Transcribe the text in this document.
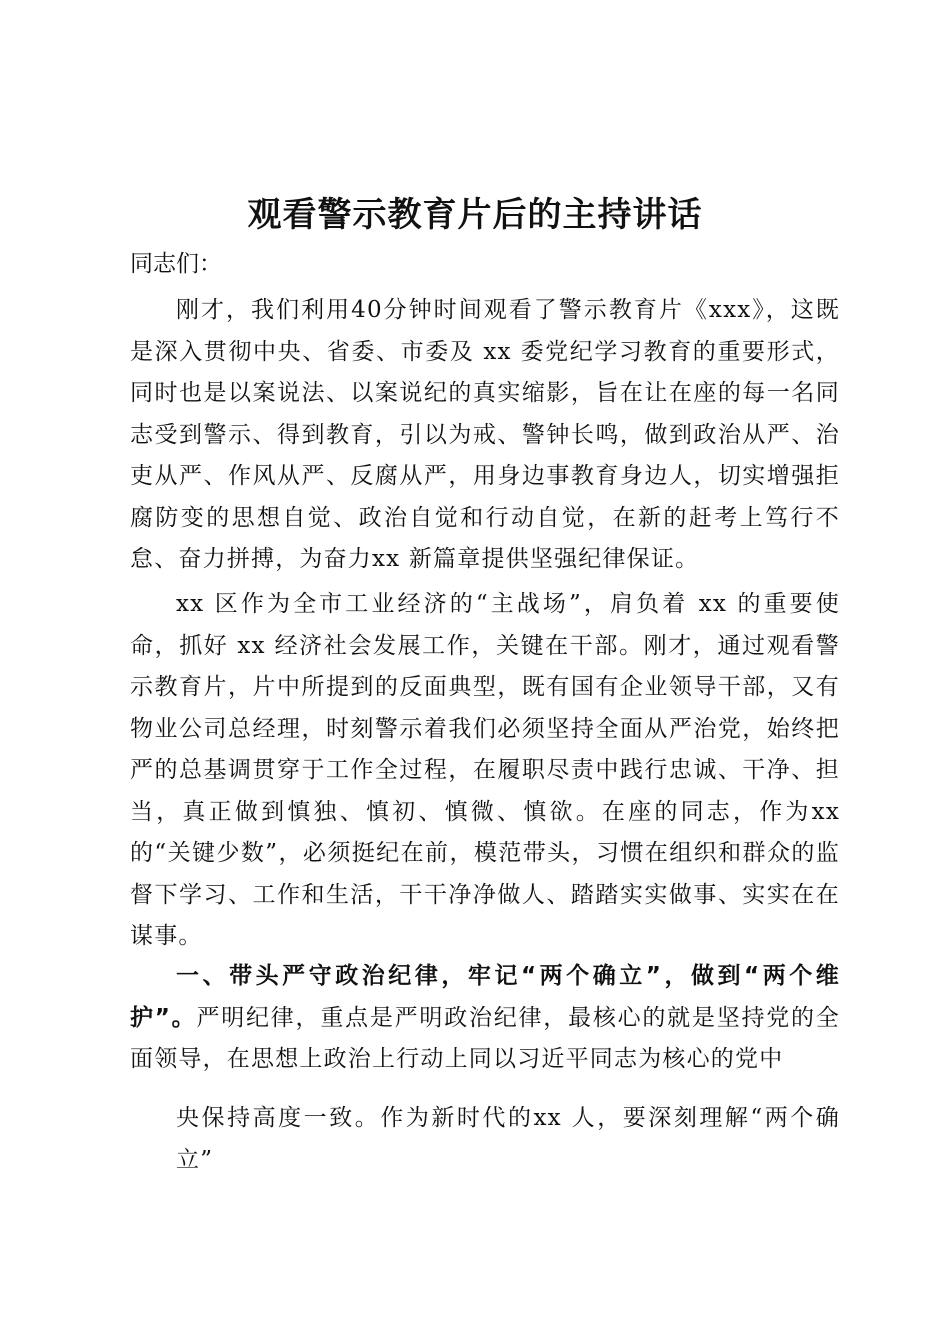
观看警示教育片后的主持讲话

同志们：

刚才，我们利用40分钟时间观看了警示教育片《xxx》，这既是深入贯彻中央、省委、市委及 xx 委党纪学习教育的重要形式，同时也是以案说法、以案说纪的真实缩影，旨在让在座的每一名同志受到警示、得到教育，引以为戒、警钟长鸣，做到政治从严、治吏从严、作风从严、反腐从严，用身边事教育身边人，切实增强拒腐防变的思想自觉、政治自觉和行动自觉，在新的赶考上笃行不怠、奋力拼搏，为奋力xx 新篇章提供坚强纪律保证。

xx 区作为全市工业经济的“主战场”，肩负着 xx 的重要使命，抓好 xx 经济社会发展工作，关键在干部。刚才，通过观看警示教育片，片中所提到的反面典型，既有国有企业领导干部，又有物业公司总经理，时刻警示着我们必须坚持全面从严治党，始终把严的总基调贯穿于工作全过程，在履职尽责中践行忠诚、干净、担当，真正做到慎独、慎初、慎微、慎欲。在座的同志，作为xx 的“关键少数”，必须挺纪在前，模范带头，习惯在组织和群众的监督下学习、工作和生活，干干净净做人、踏踏实实做事、实实在在谋事。

一、带头严守政治纪律，牢记“两个确立”，做到“两个维护”。严明纪律，重点是严明政治纪律，最核心的就是坚持党的全面领导，在思想上政治上行动上同以习近平同志为核心的党中

央保持高度一致。作为新时代的xx 人，要深刻理解“两个确立”
